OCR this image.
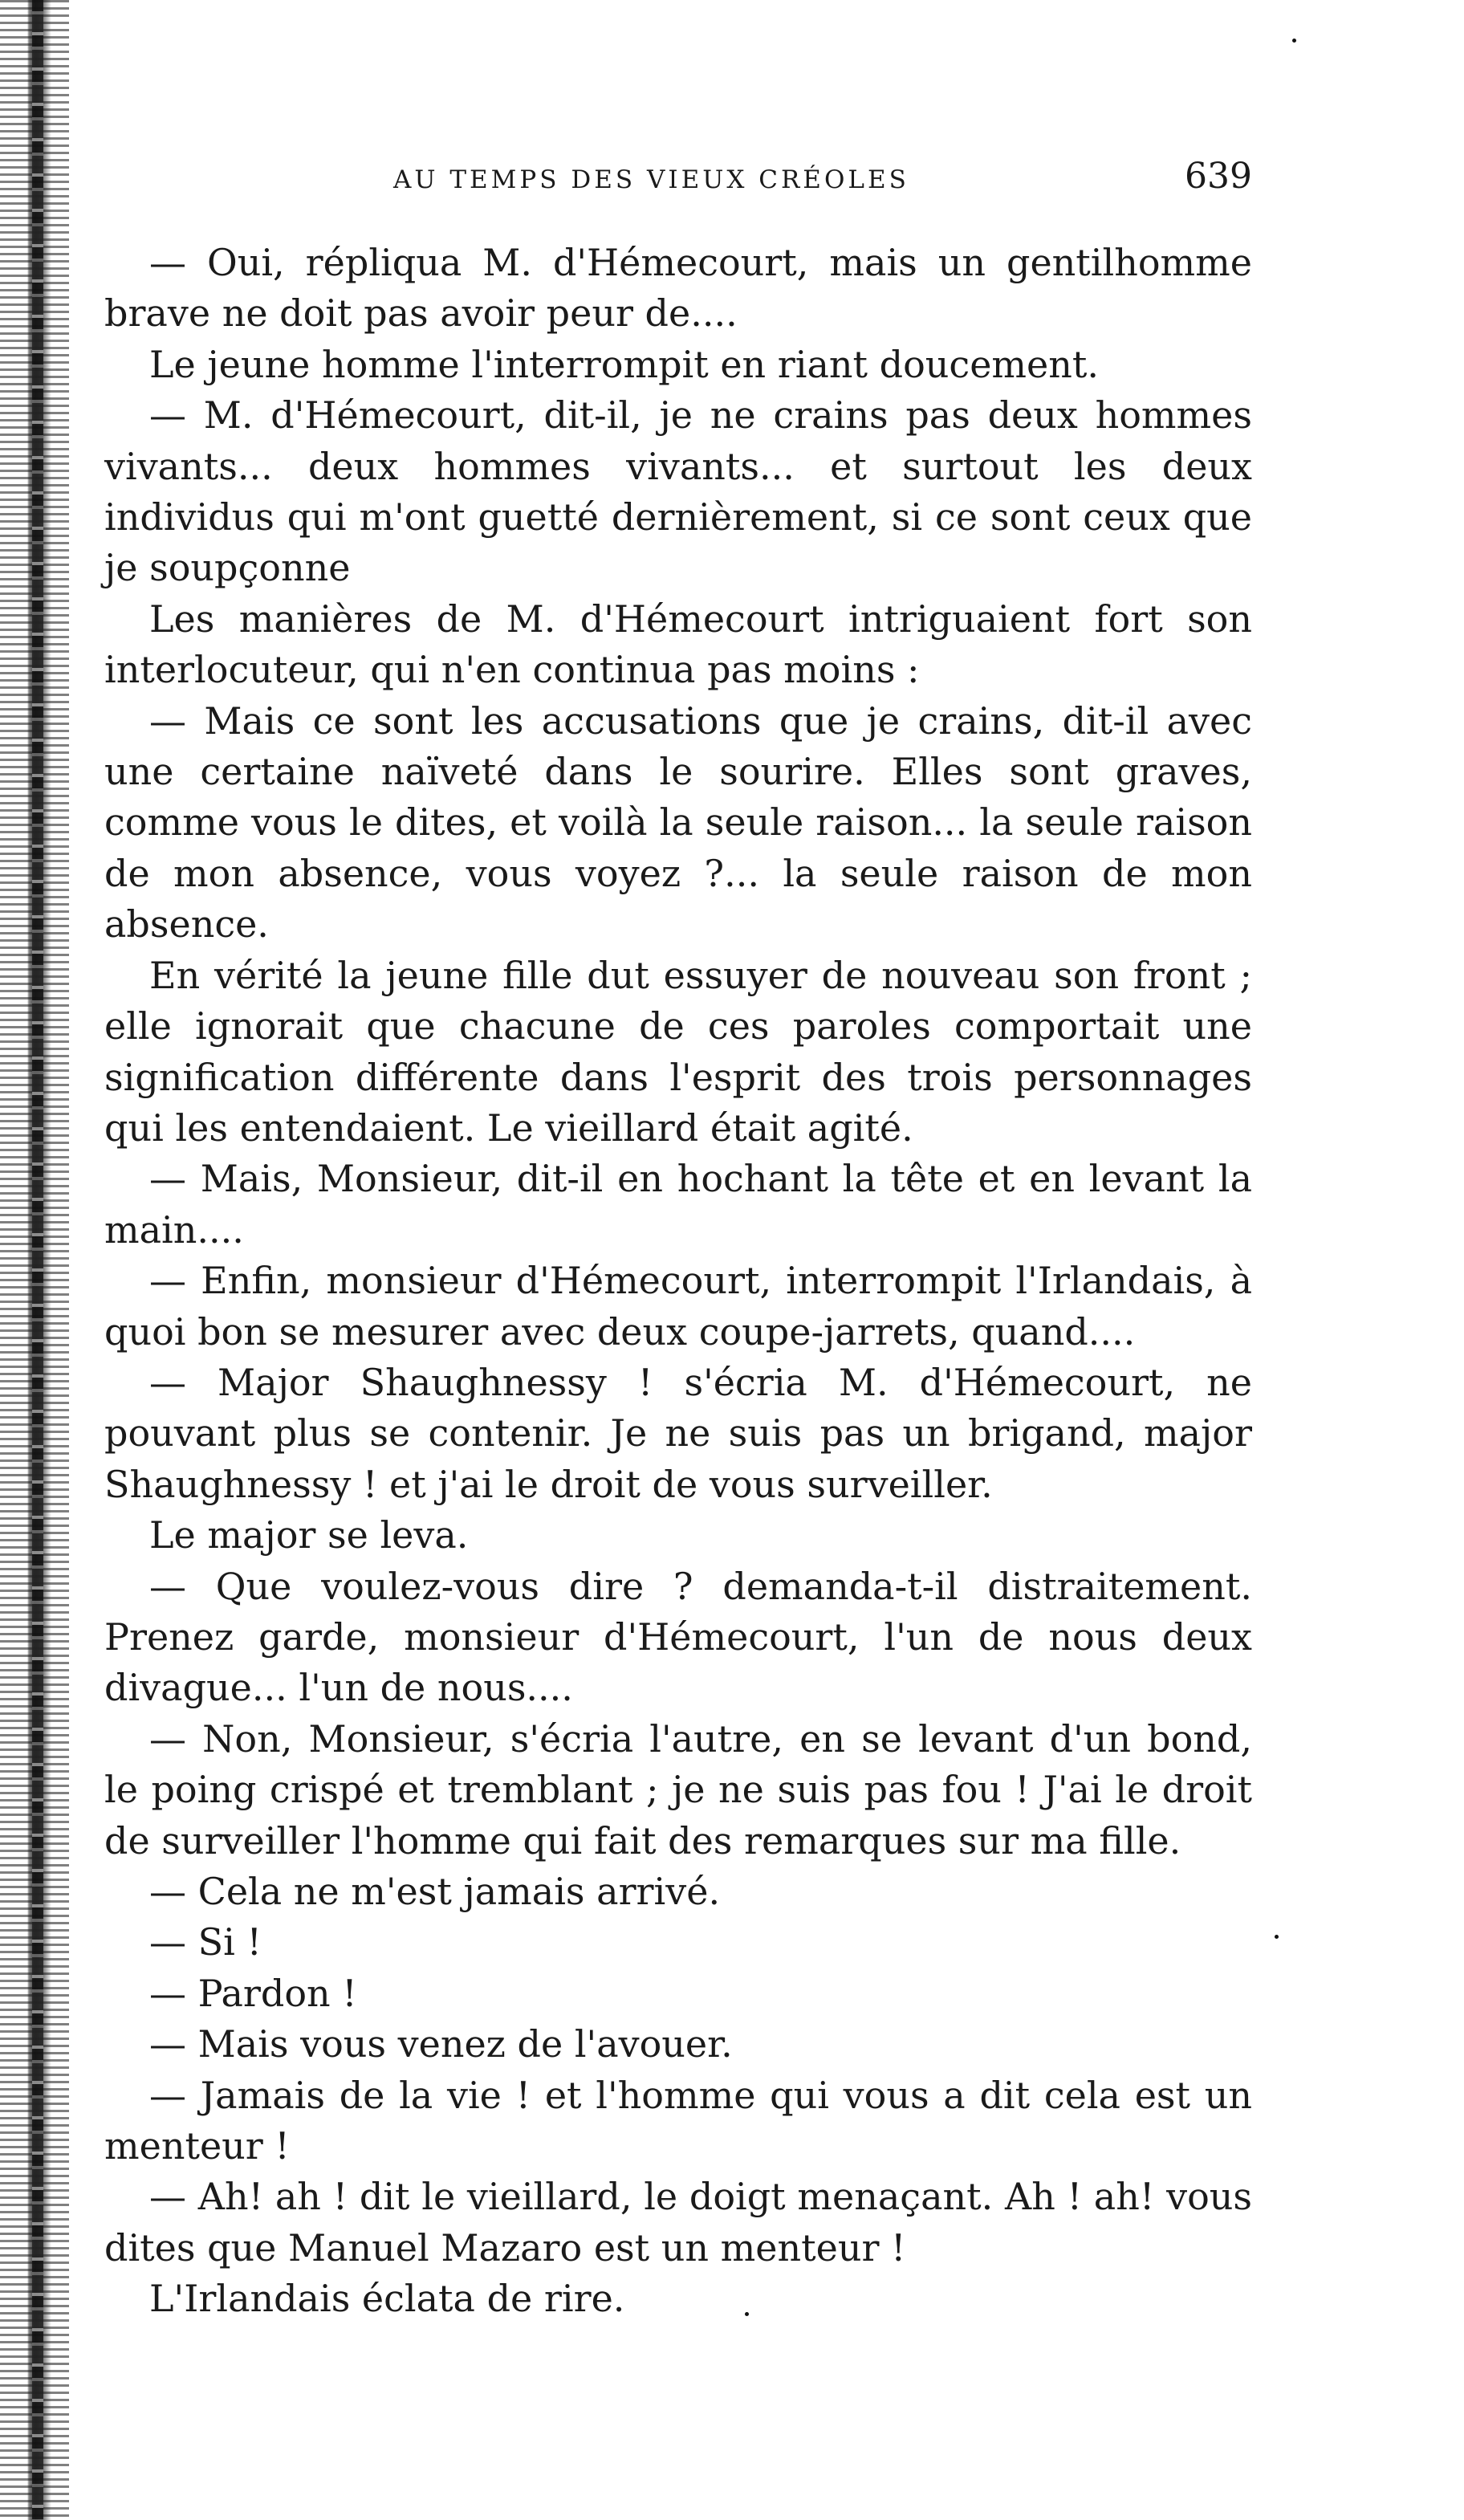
AU TEMPS DES VIEUX CRÉOLES	639

— Oui, répliqua M. d'Hémecourt, mais un gentilhomme brave ne doit pas avoir peur de....

Le jeune homme l'interrompit en riant doucement.

— M. d'Hémecourt, dit-il, je ne crains pas deux hommes vivants... deux hommes vivants... et surtout les deux individus qui m'ont guetté dernièrement, si ce sont ceux que je soupçonne

Les manières de M. d'Hémecourt intriguaient fort son interlocuteur, qui n'en continua pas moins :

— Mais ce sont les accusations que je crains, dit-il avec une certaine naïveté dans le sourire. Elles sont graves, comme vous le dites, et voilà la seule raison... la seule raison de mon absence, vous voyez ?... la seule raison de mon absence.

En vérité la jeune fille dut essuyer de nouveau son front ; elle ignorait que chacune de ces paroles comportait une signification différente dans l'esprit des trois personnages qui les entendaient. Le vieillard était agité.

— Mais, Monsieur, dit-il en hochant la tête et en levant la main....

— Enfin, monsieur d'Hémecourt, interrompit l'Irlandais, à quoi bon se mesurer avec deux coupe-jarrets, quand....

— Major Shaughnessy ! s'écria M. d'Hémecourt, ne pouvant plus se contenir. Je ne suis pas un brigand, major Shaughnessy ! et j'ai le droit de vous surveiller.

Le major se leva.

— Que voulez-vous dire ? demanda-t-il distraitement. Prenez garde, monsieur d'Hémecourt, l'un de nous deux divague... l'un de nous....

— Non, Monsieur, s'écria l'autre, en se levant d'un bond, le poing crispé et tremblant ; je ne suis pas fou ! J'ai le droit de surveiller l'homme qui fait des remarques sur ma fille.

— Cela ne m'est jamais arrivé.

— Si !

— Pardon !

— Mais vous venez de l'avouer.

— Jamais de la vie ! et l'homme qui vous a dit cela est un menteur !

— Ah! ah ! dit le vieillard, le doigt menaçant. Ah ! ah! vous dites que Manuel Mazaro est un menteur !

L'Irlandais éclata de rire.
